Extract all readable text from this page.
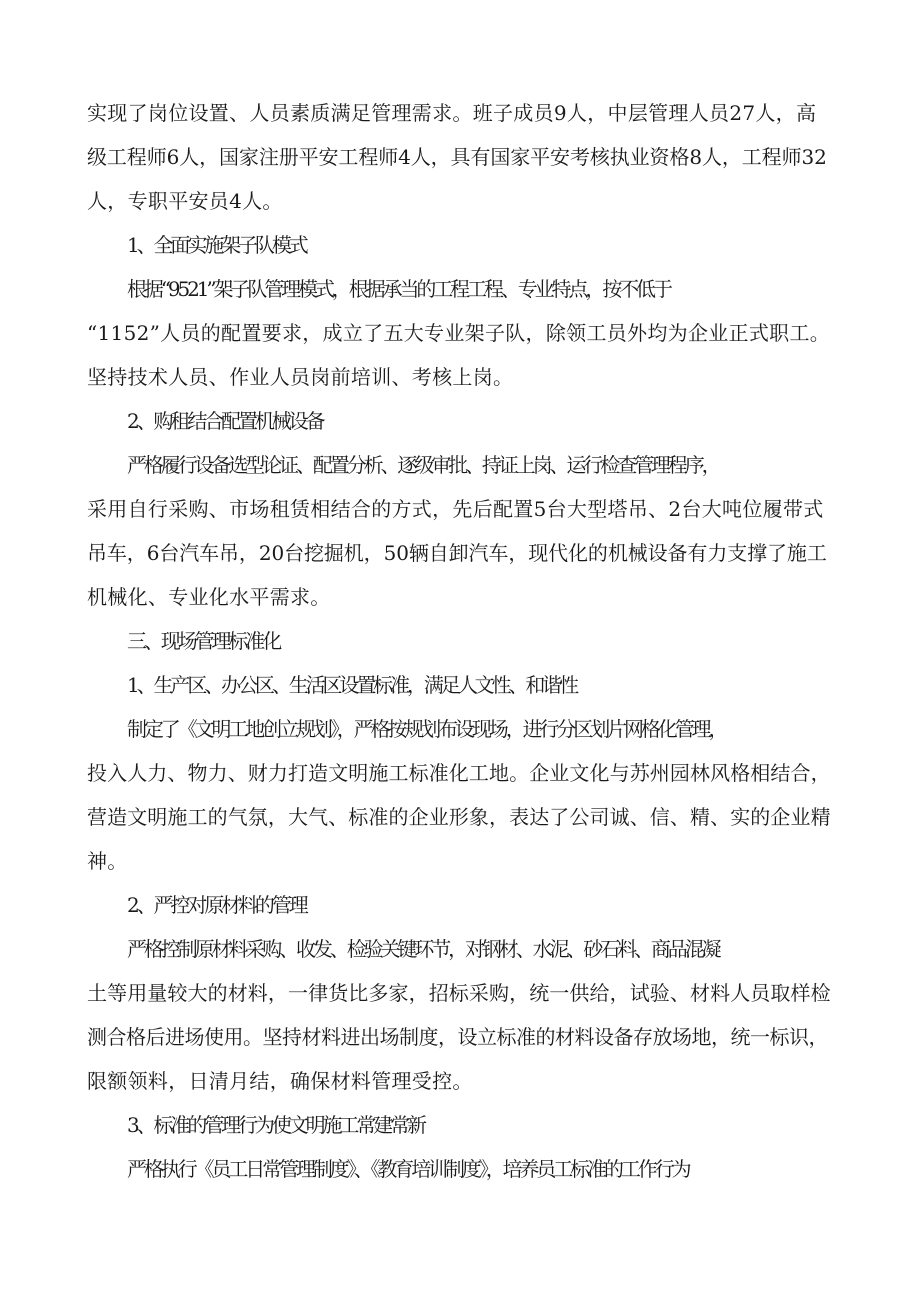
实现了岗位设置、人员素质满足管理需求。班子成员9人，中层管理人员27人，高
级工程师6人，国家注册平安工程师4人，具有国家平安考核执业资格8人，工程师32
人，专职平安员4人。
1、全面实施架子队模式
根据“9521”架子队管理模式，根据承当的工程工程、专业特点，按不低于
“1152”人员的配置要求，成立了五大专业架子队，除领工员外均为企业正式职工。
坚持技术人员、作业人员岗前培训、考核上岗。
2、购租结合配置机械设备
严格履行设备选型论证、配置分析、逐级审批、持证上岗、运行检查管理程序，
采用自行采购、市场租赁相结合的方式，先后配置5台大型塔吊、2台大吨位履带式
吊车，6台汽车吊，20台挖掘机，50辆自卸汽车，现代化的机械设备有力支撑了施工
机械化、专业化水平需求。
三、现场管理标准化
1、生产区、办公区、生活区设置标准，满足人文性、和谐性
制定了《文明工地创立规划》，严格按规划布设现场，进行分区划片网格化管理，
投入人力、物力、财力打造文明施工标准化工地。企业文化与苏州园林风格相结合，
营造文明施工的气氛，大气、标准的企业形象，表达了公司诚、信、精、实的企业精
神。
2、严控对原材料的管理
严格控制原材料采购、收发、检验关键环节，对钢材、水泥、砂石料、商品混凝
土等用量较大的材料，一律货比多家，招标采购，统一供给，试验、材料人员取样检
测合格后进场使用。坚持材料进出场制度，设立标准的材料设备存放场地，统一标识，
限额领料，日清月结，确保材料管理受控。
3、标准的管理行为使文明施工常建常新
严格执行《员工日常管理制度》、《教育培训制度》，培养员工标准的工作行为
